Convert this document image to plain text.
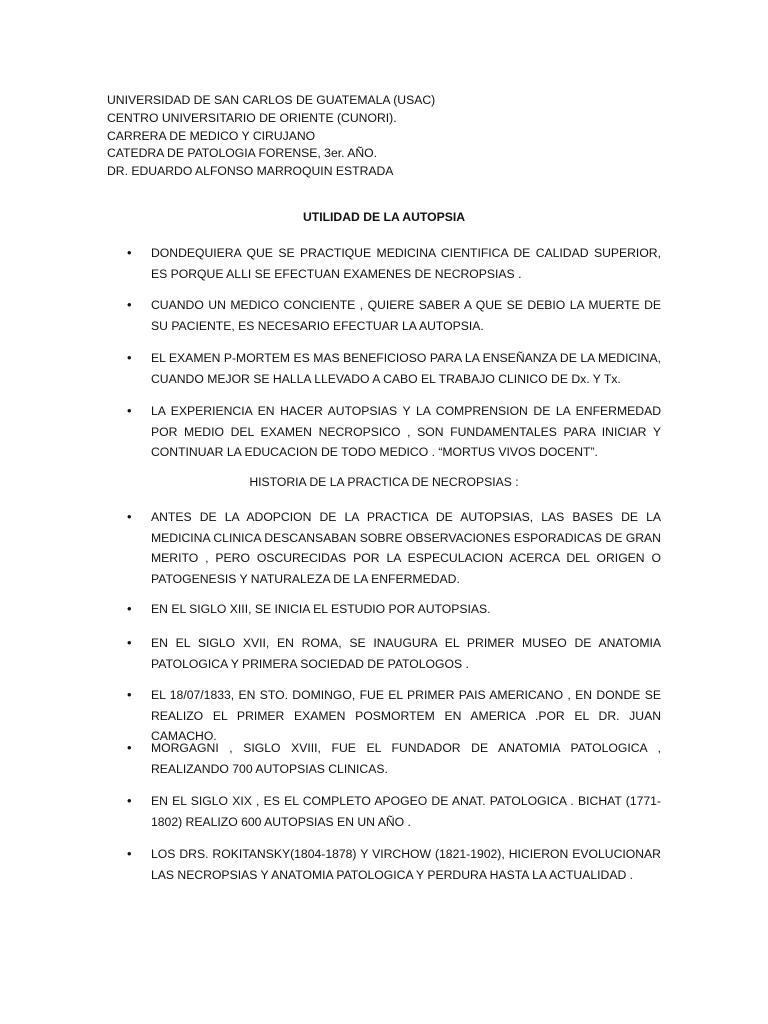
UNIVERSIDAD DE SAN CARLOS DE GUATEMALA (USAC)
CENTRO UNIVERSITARIO DE ORIENTE (CUNORI).
CARRERA DE MEDICO Y CIRUJANO
CATEDRA DE PATOLOGIA FORENSE, 3er. AÑO.
DR. EDUARDO ALFONSO MARROQUIN ESTRADA
UTILIDAD DE LA AUTOPSIA
• DONDEQUIERA QUE SE PRACTIQUE MEDICINA CIENTIFICA DE CALIDAD SUPERIOR, ES PORQUE ALLI SE EFECTUAN EXAMENES DE NECROPSIAS .
• CUANDO UN MEDICO CONCIENTE , QUIERE SABER A QUE SE DEBIO LA MUERTE DE SU PACIENTE, ES NECESARIO EFECTUAR LA AUTOPSIA.
• EL EXAMEN P-MORTEM ES MAS BENEFICIOSO PARA LA ENSEÑANZA DE LA MEDICINA, CUANDO MEJOR SE HALLA LLEVADO A CABO EL TRABAJO CLINICO DE Dx. Y Tx.
• LA EXPERIENCIA EN HACER AUTOPSIAS Y LA COMPRENSION DE LA ENFERMEDAD POR MEDIO DEL EXAMEN NECROPSICO , SON FUNDAMENTALES PARA INICIAR Y CONTINUAR LA EDUCACION DE TODO MEDICO . “MORTUS VIVOS DOCENT”.
HISTORIA DE LA PRACTICA DE NECROPSIAS :
• ANTES DE LA ADOPCION DE LA PRACTICA DE AUTOPSIAS, LAS BASES DE LA MEDICINA CLINICA DESCANSABAN SOBRE OBSERVACIONES ESPORADICAS DE GRAN MERITO , PERO OSCURECIDAS POR LA ESPECULACION ACERCA DEL ORIGEN O PATOGENESIS Y NATURALEZA DE LA ENFERMEDAD.
• EN EL SIGLO XIII, SE INICIA EL ESTUDIO POR AUTOPSIAS.
• EN EL SIGLO XVII, EN ROMA, SE INAUGURA EL PRIMER MUSEO DE ANATOMIA PATOLOGICA Y PRIMERA SOCIEDAD DE PATOLOGOS .
• EL 18/07/1833, EN STO. DOMINGO, FUE EL PRIMER PAIS AMERICANO , EN DONDE SE REALIZO EL PRIMER EXAMEN POSMORTEM EN AMERICA .POR EL DR. JUAN CAMACHO.
• MORGAGNI , SIGLO XVIII, FUE EL FUNDADOR DE ANATOMIA PATOLOGICA , REALIZANDO 700 AUTOPSIAS CLINICAS.
• EN EL SIGLO XIX , ES EL COMPLETO APOGEO DE ANAT. PATOLOGICA . BICHAT (1771-1802) REALIZO 600 AUTOPSIAS EN UN AÑO .
• LOS DRS. ROKITANSKY(1804-1878) Y VIRCHOW (1821-1902), HICIERON EVOLUCIONAR LAS NECROPSIAS Y ANATOMIA PATOLOGICA Y PERDURA HASTA LA ACTUALIDAD .
